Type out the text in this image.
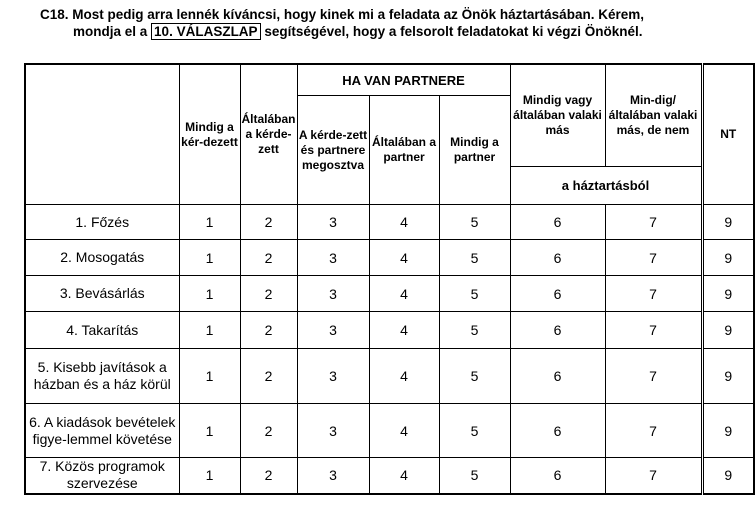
C18. Most pedig arra lennék kíváncsi, hogy kinek mi a feladata az Önök háztartásában. Kérem,
mondja el a 10. VÁLASZLAP segítségével, hogy a felsorolt feladatokat ki végzi Önöknél.
	Mindig a kér-dezett	Általában a kérde-zett	HA VAN PARTNERE			Mindig vagy általában valaki más	Min-dig/általában valaki más, de nem	NT
			A kérde-zett és partnere megosztva	Általában a partner	Mindig a partner			
						a háztartásból		
1. Főzés	1	2	3	4	5	6	7	9
2. Mosogatás	1	2	3	4	5	6	7	9
3. Bevásárlás	1	2	3	4	5	6	7	9
4. Takarítás	1	2	3	4	5	6	7	9
5. Kisebb javítások a házban és a ház körül	1	2	3	4	5	6	7	9
6. A kiadások bevételek figye-lemmel követése	1	2	3	4	5	6	7	9
7. Közös programok szervezése	1	2	3	4	5	6	7	9
